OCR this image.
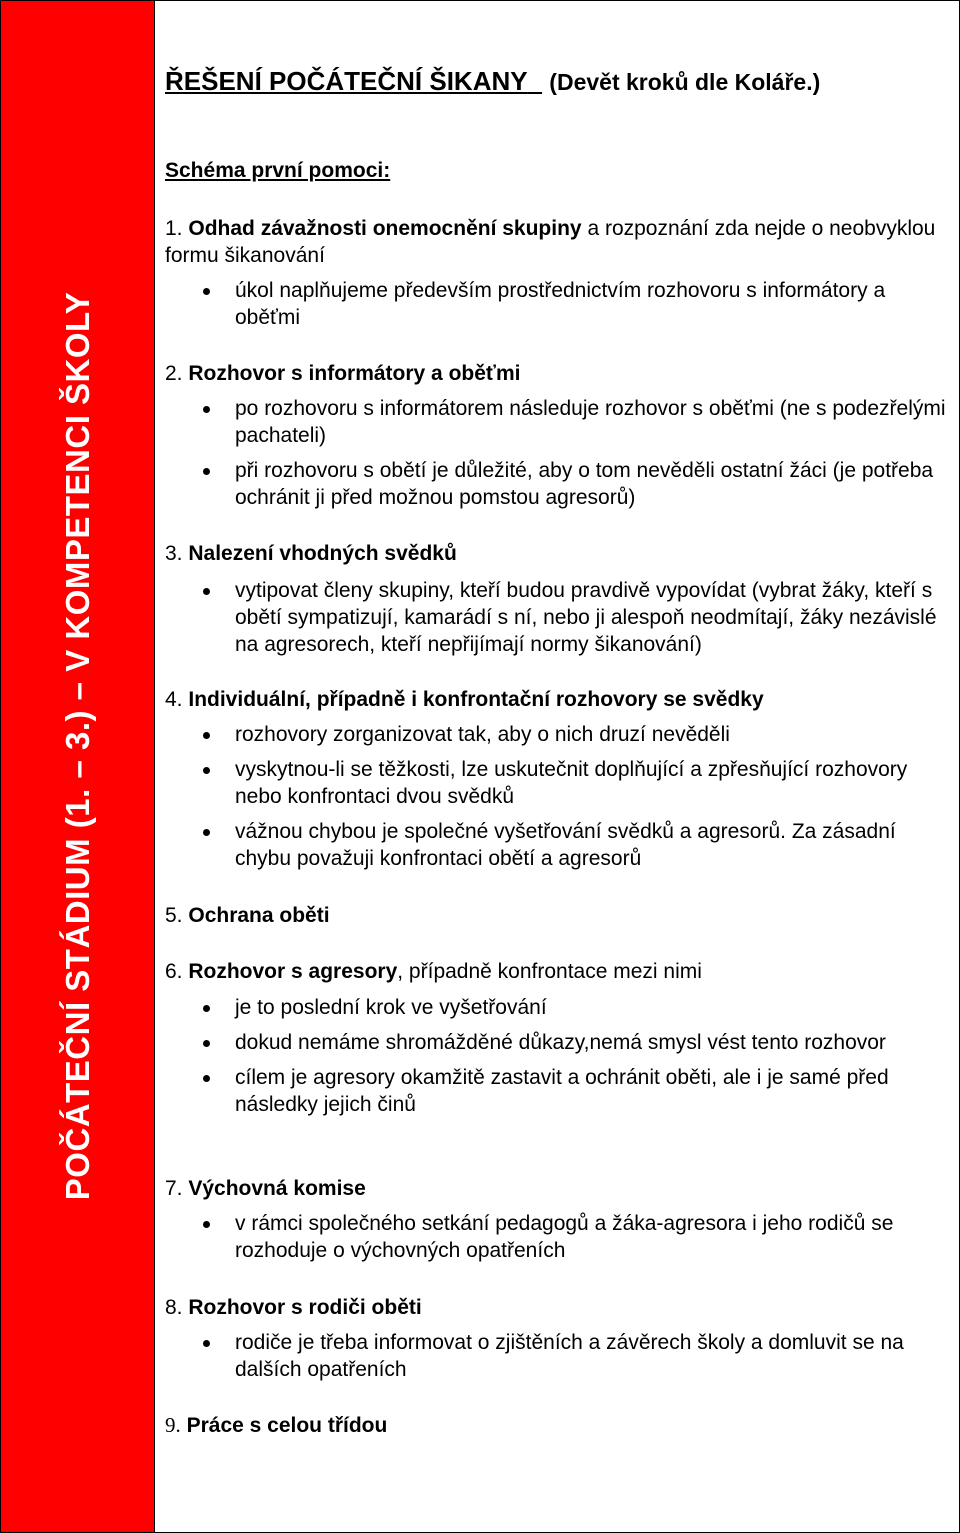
POČÁTEČNÍ STÁDIUM (1. – 3.) – V KOMPETENCI ŠKOLY
ŘEŠENÍ POČÁTEČNÍ ŠIKANY (Devět kroků dle Koláře.)
Schéma první pomoci:
1. Odhad závažnosti onemocnění skupiny a rozpoznání zda nejde o neobvyklou formu šikanování
úkol naplňujeme především prostřednictvím rozhovoru s informátory a oběťmi
2. Rozhovor s informátory a oběťmi
po rozhovoru s informátorem následuje rozhovor s oběťmi (ne s podezřelými pachateli)
při rozhovoru s obětí je důležité, aby o tom nevěděli ostatní žáci (je potřeba ochránit ji před možnou pomstou agresorů)
3. Nalezení vhodných svědků
vytipovat členy skupiny, kteří budou pravdivě vypovídat (vybrat žáky, kteří s obětí sympatizují, kamarádí s ní, nebo ji alespoň neodmítají, žáky nezávislé na agresorech, kteří nepřijímají normy šikanování)
4. Individuální, případně i konfrontační rozhovory se svědky
rozhovory zorganizovat tak, aby o nich druzí nevěděli
vyskytnou-li se těžkosti, lze uskutečnit doplňující a zpřesňující rozhovory nebo konfrontaci dvou svědků
vážnou chybou je společné vyšetřování svědků a agresorů. Za zásadní chybu považuji konfrontaci obětí a agresorů
5. Ochrana oběti
6. Rozhovor s agresory, případně konfrontace mezi nimi
je to poslední krok ve vyšetřování
dokud nemáme shromážděné důkazy,nemá smysl vést tento rozhovor
cílem je agresory okamžitě zastavit a ochránit oběti, ale i je samé před následky jejich činů
7. Výchovná komise
v rámci společného setkání pedagogů a žáka-agresora i jeho rodičů se rozhoduje o výchovných opatřeních
8. Rozhovor s rodiči oběti
rodiče je třeba informovat o zjištěních a závěrech školy a domluvit se na dalších opatřeních
9. Práce s celou třídou
